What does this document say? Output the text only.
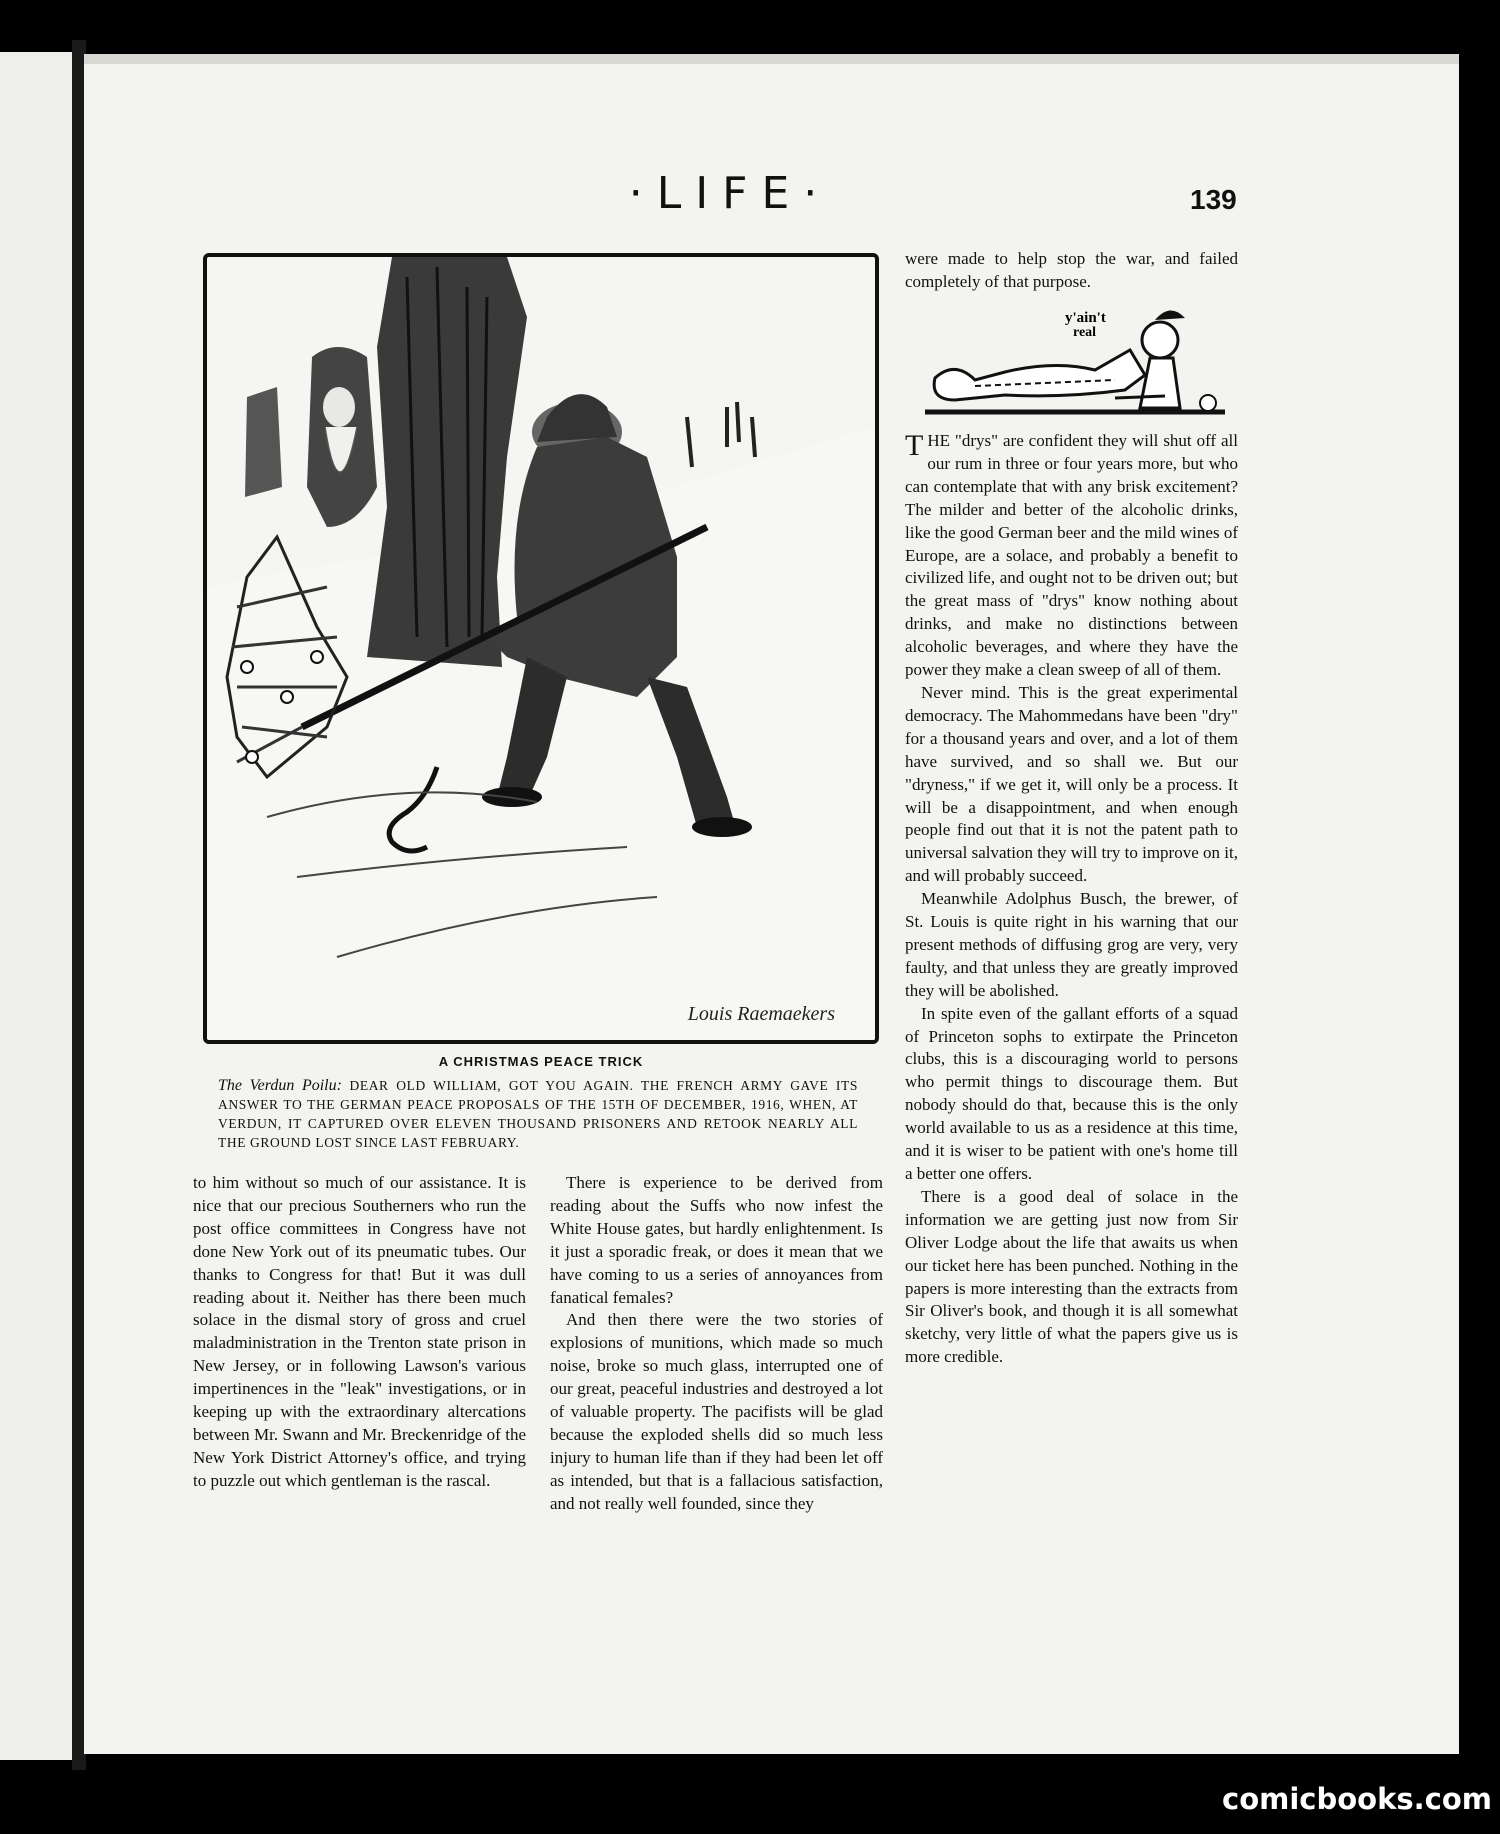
·LIFE·	139
Louis Raemaekers
A CHRISTMAS PEACE TRICK
The Verdun Poilu: DEAR OLD WILLIAM, GOT YOU AGAIN. THE FRENCH ARMY GAVE ITS ANSWER TO THE GERMAN PEACE PROPOSALS OF THE 15TH OF DECEMBER, 1916, WHEN, AT VERDUN, IT CAPTURED OVER ELEVEN THOUSAND PRISONERS AND RETOOK NEARLY ALL THE GROUND LOST SINCE LAST FEBRUARY.

to him without so much of our assistance. It is nice that our precious Southerners who run the post office committees in Congress have not done New York out of its pneumatic tubes. Our thanks to Congress for that! But it was dull reading about it. Neither has there been much solace in the dismal story of gross and cruel maladministration in the Trenton state prison in New Jersey, or in following Lawson's various impertinences in the "leak" investigations, or in keeping up with the extraordinary altercations between Mr. Swann and Mr. Breckenridge of the New York District Attorney's office, and trying to puzzle out which gentleman is the rascal.

There is experience to be derived from reading about the Suffs who now infest the White House gates, but hardly enlightenment. Is it just a sporadic freak, or does it mean that we have coming to us a series of annoyances from fanatical females?

And then there were the two stories of explosions of munitions, which made so much noise, broke so much glass, interrupted one of our great, peaceful industries and destroyed a lot of valuable property. The pacifists will be glad because the exploded shells did so much less injury to human life than if they had been let off as intended, but that is a fallacious satisfaction, and not really well founded, since they

were made to help stop the war, and failed completely of that purpose.

y'ain't
real

THE "drys" are confident they will shut off all our rum in three or four years more, but who can contemplate that with any brisk excitement? The milder and better of the alcoholic drinks, like the good German beer and the mild wines of Europe, are a solace, and probably a benefit to civilized life, and ought not to be driven out; but the great mass of "drys" know nothing about drinks, and make no distinctions between alcoholic beverages, and where they have the power they make a clean sweep of all of them.

Never mind. This is the great experimental democracy. The Mahommedans have been "dry" for a thousand years and over, and a lot of them have survived, and so shall we. But our "dryness," if we get it, will only be a process. It will be a disappointment, and when enough people find out that it is not the patent path to universal salvation they will try to improve on it, and will probably succeed.

Meanwhile Adolphus Busch, the brewer, of St. Louis is quite right in his warning that our present methods of diffusing grog are very, very faulty, and that unless they are greatly improved they will be abolished.

In spite even of the gallant efforts of a squad of Princeton sophs to extirpate the Princeton clubs, this is a discouraging world to persons who permit things to discourage them. But nobody should do that, because this is the only world available to us as a residence at this time, and it is wiser to be patient with one's home till a better one offers.

There is a good deal of solace in the information we are getting just now from Sir Oliver Lodge about the life that awaits us when our ticket here has been punched. Nothing in the papers is more interesting than the extracts from Sir Oliver's book, and though it is all somewhat sketchy, very little of what the papers give us is more credible.

comicbooks.com
